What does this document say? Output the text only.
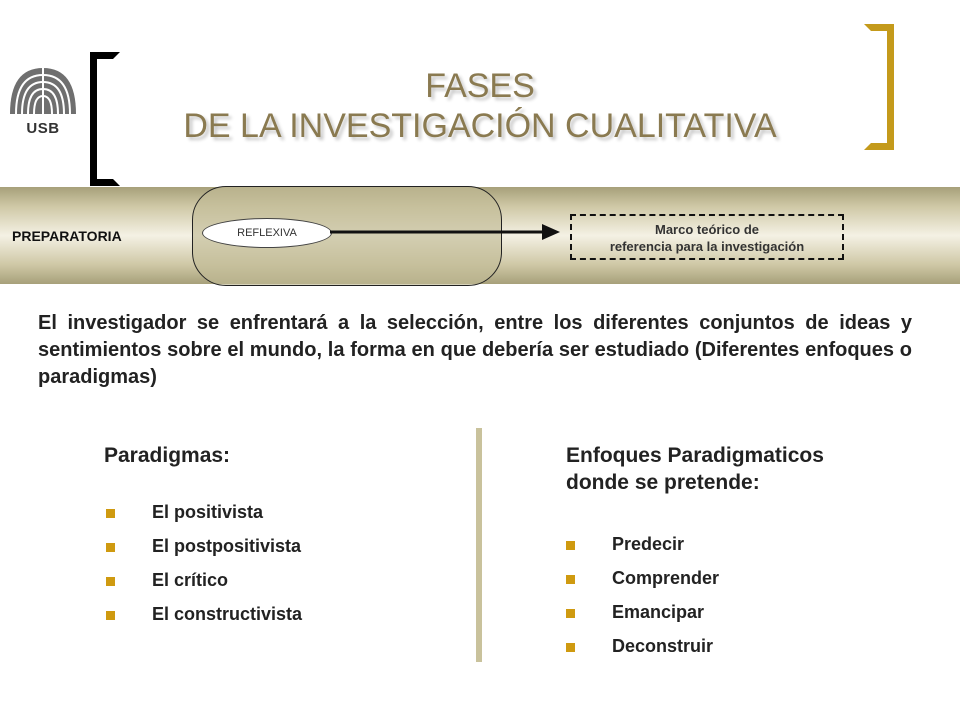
USB
FASES
DE LA INVESTIGACIÓN CUALITATIVA
PREPARATORIA	REFLEXIVA	Marco teórico de
referencia para la investigación
El investigador se enfrentará a la selección, entre los diferentes conjuntos de ideas y sentimientos sobre el mundo, la forma en que debería ser estudiado (Diferentes enfoques o paradigmas)
Paradigmas:
El positivista
El postpositivista
El crítico
El constructivista
Enfoques Paradigmaticos
donde se pretende:
Predecir
Comprender
Emancipar
Deconstruir
